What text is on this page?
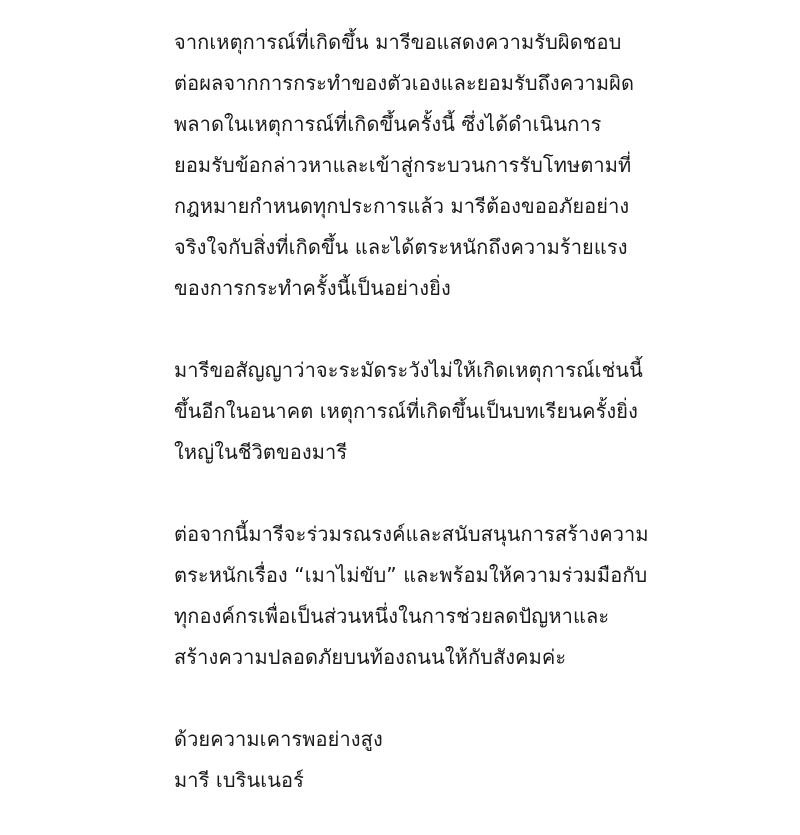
จากเหตุการณ์ที่เกิดขึ้น มารีขอแสดงความรับผิดชอบ
ต่อผลจากการกระทำของตัวเองและยอมรับถึงความผิด
พลาดในเหตุการณ์ที่เกิดขึ้นครั้งนี้ ซึ่งได้ดำเนินการ
ยอมรับข้อกล่าวหาและเข้าสู่กระบวนการรับโทษตามที่
กฎหมายกำหนดทุกประการแล้ว มารีต้องขออภัยอย่าง
จริงใจกับสิ่งที่เกิดขึ้น และได้ตระหนักถึงความร้ายแรง
ของการกระทำครั้งนี้เป็นอย่างยิ่ง

มารีขอสัญญาว่าจะระมัดระวังไม่ให้เกิดเหตุการณ์เช่นนี้
ขึ้นอีกในอนาคต เหตุการณ์ที่เกิดขึ้นเป็นบทเรียนครั้งยิ่ง
ใหญ่ในชีวิตของมารี

ต่อจากนี้มารีจะร่วมรณรงค์และสนับสนุนการสร้างความ
ตระหนักเรื่อง “เมาไม่ขับ” และพร้อมให้ความร่วมมือกับ
ทุกองค์กรเพื่อเป็นส่วนหนึ่งในการช่วยลดปัญหาและ
สร้างความปลอดภัยบนท้องถนนให้กับสังคมค่ะ

ด้วยความเคารพอย่างสูง
มารี เบรินเนอร์
